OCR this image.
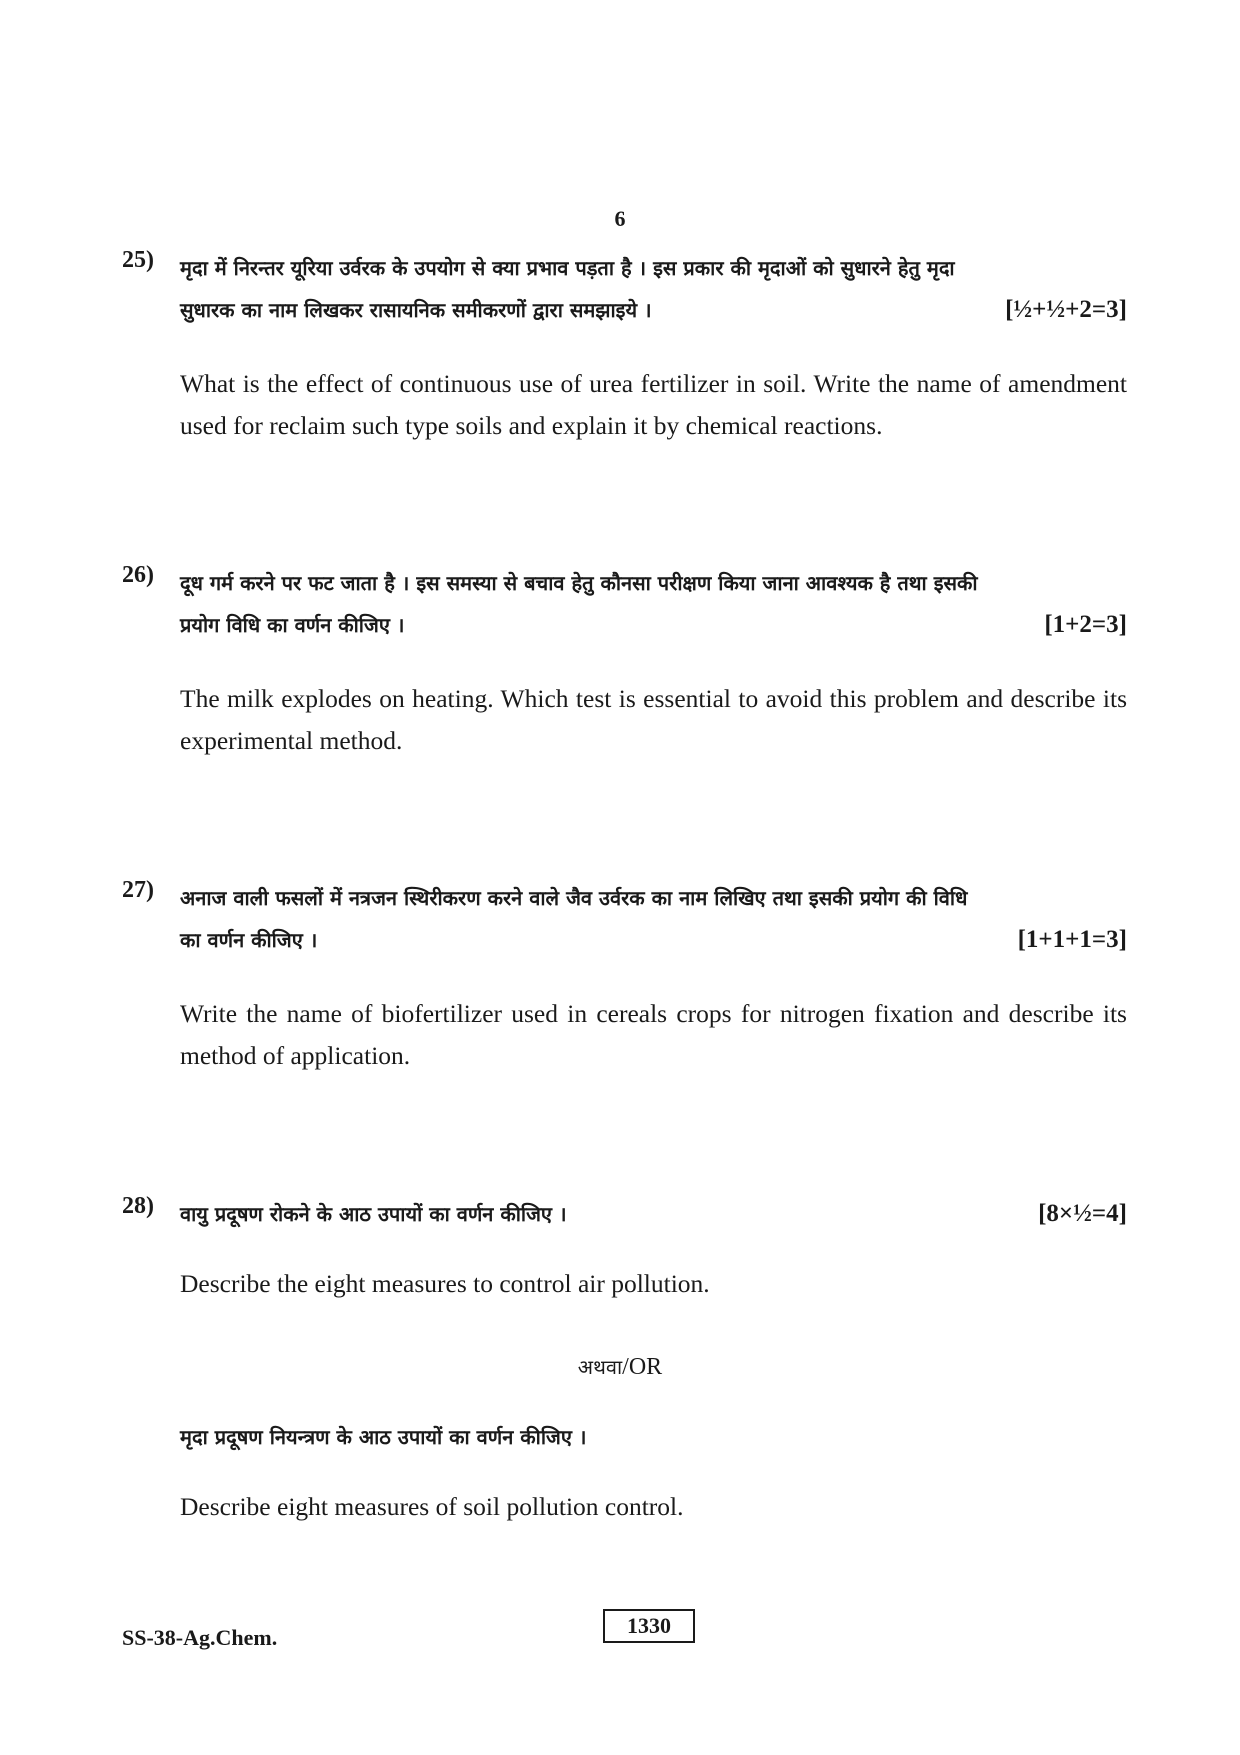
6
25) मृदा में निरन्तर यूरिया उर्वरक के उपयोग से क्या प्रभाव पड़ता है । इस प्रकार की मृदाओं को सुधारने हेतु मृदा
सुधारक का नाम लिखकर रासायनिक समीकरणों द्वारा समझाइये ।	[½+½+2=3]
What is the effect of continuous use of urea fertilizer in soil. Write the name of amendment used for reclaim such type soils and explain it by chemical reactions.
26) दूध गर्म करने पर फट जाता है । इस समस्या से बचाव हेतु कौनसा परीक्षण किया जाना आवश्यक है तथा इसकी
प्रयोग विधि का वर्णन कीजिए ।	[1+2=3]
The milk explodes on heating. Which test is essential to avoid this problem and describe its experimental method.
27) अनाज वाली फसलों में नत्रजन स्थिरीकरण करने वाले जैव उर्वरक का नाम लिखिए तथा इसकी प्रयोग की विधि
का वर्णन कीजिए ।	[1+1+1=3]
Write the name of biofertilizer used in cereals crops for nitrogen fixation and describe its method of application.
28) वायु प्रदूषण रोकने के आठ उपायों का वर्णन कीजिए ।	[8×½=4]
Describe the eight measures to control air pollution.
अथवा/OR
मृदा प्रदूषण नियन्त्रण के आठ उपायों का वर्णन कीजिए ।
Describe eight measures of soil pollution control.
SS-38-Ag.Chem.	1330
